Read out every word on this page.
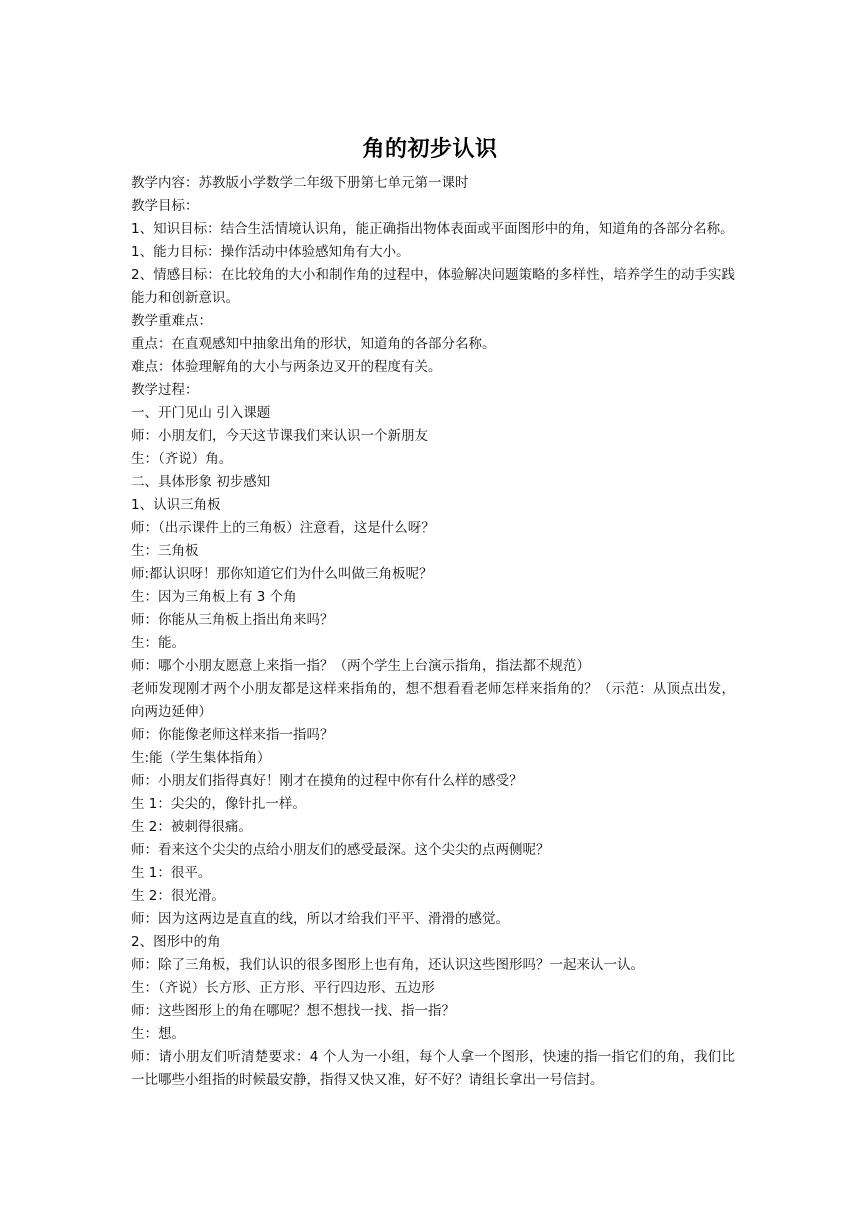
角的初步认识
教学内容：苏教版小学数学二年级下册第七单元第一课时
教学目标：
1、知识目标：结合生活情境认识角，能正确指出物体表面或平面图形中的角，知道角的各部分名称。
1、能力目标：操作活动中体验感知角有大小。
2、情感目标：在比较角的大小和制作角的过程中，体验解决问题策略的多样性，培养学生的动手实践能力和创新意识。
教学重难点：
重点：在直观感知中抽象出角的形状，知道角的各部分名称。
难点：体验理解角的大小与两条边叉开的程度有关。
教学过程：
一、开门见山 引入课题
师：小朋友们，今天这节课我们来认识一个新朋友
生：（齐说）角。
二、具体形象 初步感知
1、认识三角板
师：（出示课件上的三角板）注意看，这是什么呀？
生：三角板
师:都认识呀！那你知道它们为什么叫做三角板呢？
生：因为三角板上有 3 个角
师：你能从三角板上指出角来吗？
生：能。
师：哪个小朋友愿意上来指一指？（两个学生上台演示指角，指法都不规范）
老师发现刚才两个小朋友都是这样来指角的，想不想看看老师怎样来指角的？（示范：从顶点出发，向两边延伸）
师：你能像老师这样来指一指吗？
生:能（学生集体指角）
师：小朋友们指得真好！刚才在摸角的过程中你有什么样的感受？
生 1：尖尖的，像针扎一样。
生 2：被刺得很痛。
师：看来这个尖尖的点给小朋友们的感受最深。这个尖尖的点两侧呢？
生 1：很平。
生 2：很光滑。
师：因为这两边是直直的线，所以才给我们平平、滑滑的感觉。
2、图形中的角
师：除了三角板，我们认识的很多图形上也有角，还认识这些图形吗？一起来认一认。
生：（齐说）长方形、正方形、平行四边形、五边形
师：这些图形上的角在哪呢？想不想找一找、指一指？
生：想。
师：请小朋友们听清楚要求：4 个人为一小组，每个人拿一个图形，快速的指一指它们的角，我们比一比哪些小组指的时候最安静，指得又快又准，好不好？请组长拿出一号信封。
